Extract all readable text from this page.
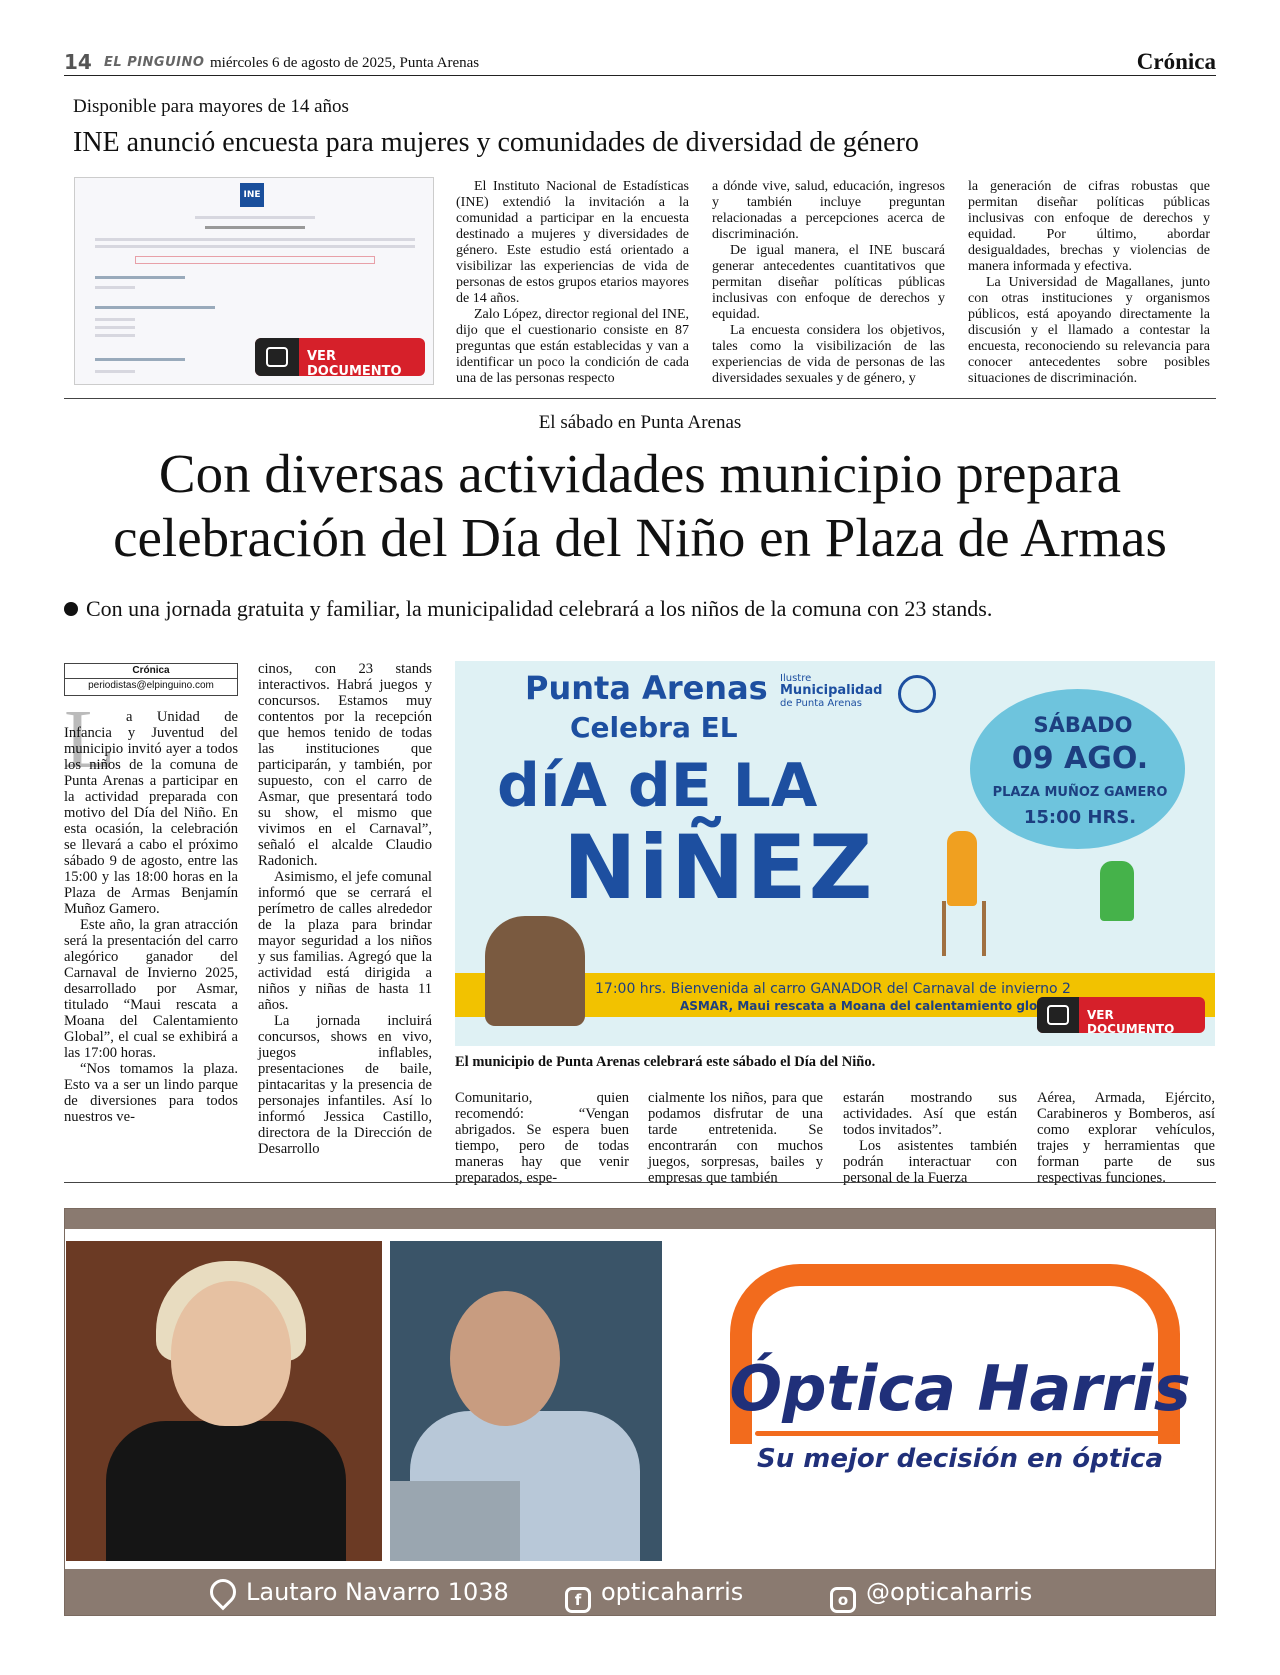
14 EL PINGUINO miércoles 6 de agosto de 2025, Punta Arenas	Crónica
Disponible para mayores de 14 años
INE anunció encuesta para mujeres y comunidades de diversidad de género
INE
VER DOCUMENTO

El Instituto Nacional de Estadísticas (INE) extendió la invitación a la comunidad a participar en la encuesta destinado a mujeres y diversidades de género. Este estudio está orientado a visibilizar las experiencias de vida de personas de estos grupos etarios mayores de 14 años.

Zalo López, director regional del INE, dijo que el cuestionario consiste en 87 preguntas que están establecidas y van a identificar un poco la condición de cada una de las personas respecto

a dónde vive, salud, educación, ingresos y también incluye preguntan relacionadas a percepciones acerca de discriminación.

De igual manera, el INE buscará generar antecedentes cuantitativos que permitan diseñar políticas públicas inclusivas con enfoque de derechos y equidad.

La encuesta considera los objetivos, tales como la visibilización de las experiencias de vida de personas de las diversidades sexuales y de género, y

la generación de cifras robustas que permitan diseñar políticas públicas inclusivas con enfoque de derechos y equidad. Por último, abordar desigualdades, brechas y violencias de manera informada y efectiva.

La Universidad de Magallanes, junto con otras instituciones y organismos públicos, está apoyando directamente la discusión y el llamado a contestar la encuesta, reconociendo su relevancia para conocer antecedentes sobre posibles situaciones de discriminación.

El sábado en Punta Arenas
Con diversas actividades municipio prepara
celebración del Día del Niño en Plaza de Armas
Con una jornada gratuita y familiar, la municipalidad celebrará a los niños de la comuna con 23 stands.
Crónica
periodistas@elpinguino.com
L a Unidad de Infancia y Juventud del municipio invitó ayer a todos los niños de la comuna de Punta Arenas a participar en la actividad preparada con motivo del Día del Niño. En esta ocasión, la celebración se llevará a cabo el próximo sábado 9 de agosto, entre las 15:00 y las 18:00 horas en la Plaza de Armas Benjamín Muñoz Gamero.

Este año, la gran atracción será la presentación del carro alegórico ganador del Carnaval de Invierno 2025, desarrollado por Asmar, titulado “Maui rescata a Moana del Calentamiento Global”, el cual se exhibirá a las 17:00 horas.

“Nos tomamos la plaza. Esto va a ser un lindo parque de diversiones para todos nuestros ve-

cinos, con 23 stands interactivos. Habrá juegos y concursos. Estamos muy contentos por la recepción que hemos tenido de todas las instituciones que participarán, y también, por supuesto, con el carro de Asmar, que presentará todo su show, el mismo que vivimos en el Carnaval”, señaló el alcalde Claudio Radonich.

Asimismo, el jefe comunal informó que se cerrará el perímetro de calles alrededor de la plaza para brindar mayor seguridad a los niños y sus familias. Agregó que la actividad está dirigida a niños y niñas de hasta 11 años.

La jornada incluirá concursos, shows en vivo, juegos inflables, presentaciones de baile, pintacaritas y la presencia de personajes infantiles. Así lo informó Jessica Castillo, directora de la Dirección de Desarrollo

Punta Arenas
Celebra EL
díA dE LA
NiÑEZ
Ilustre
Municipalidad
de Punta Arenas
SÁBADO
09 AGO.
PLAZA MUÑOZ GAMERO
15:00 HRS.
17:00 hrs. Bienvenida al carro GANADOR del Carnaval de invierno 2
ASMAR, Maui rescata a Moana del calentamiento glo
VER DOCUMENTO
El municipio de Punta Arenas celebrará este sábado el Día del Niño.

Comunitario, quien recomendó: “Vengan abrigados. Se espera buen tiempo, pero de todas maneras hay que venir preparados, espe-

cialmente los niños, para que podamos disfrutar de una tarde entretenida. Se encontrarán con muchos juegos, sorpresas, bailes y empresas que también

estarán mostrando sus actividades. Así que están todos invitados”.

Los asistentes también podrán interactuar con personal de la Fuerza

Aérea, Armada, Ejército, Carabineros y Bomberos, así como explorar vehículos, trajes y herramientas que forman parte de sus respectivas funciones.

Óptica Harris
Su mejor decisión en óptica
Lautaro Navarro 1038	f opticaharris	o @opticaharris
